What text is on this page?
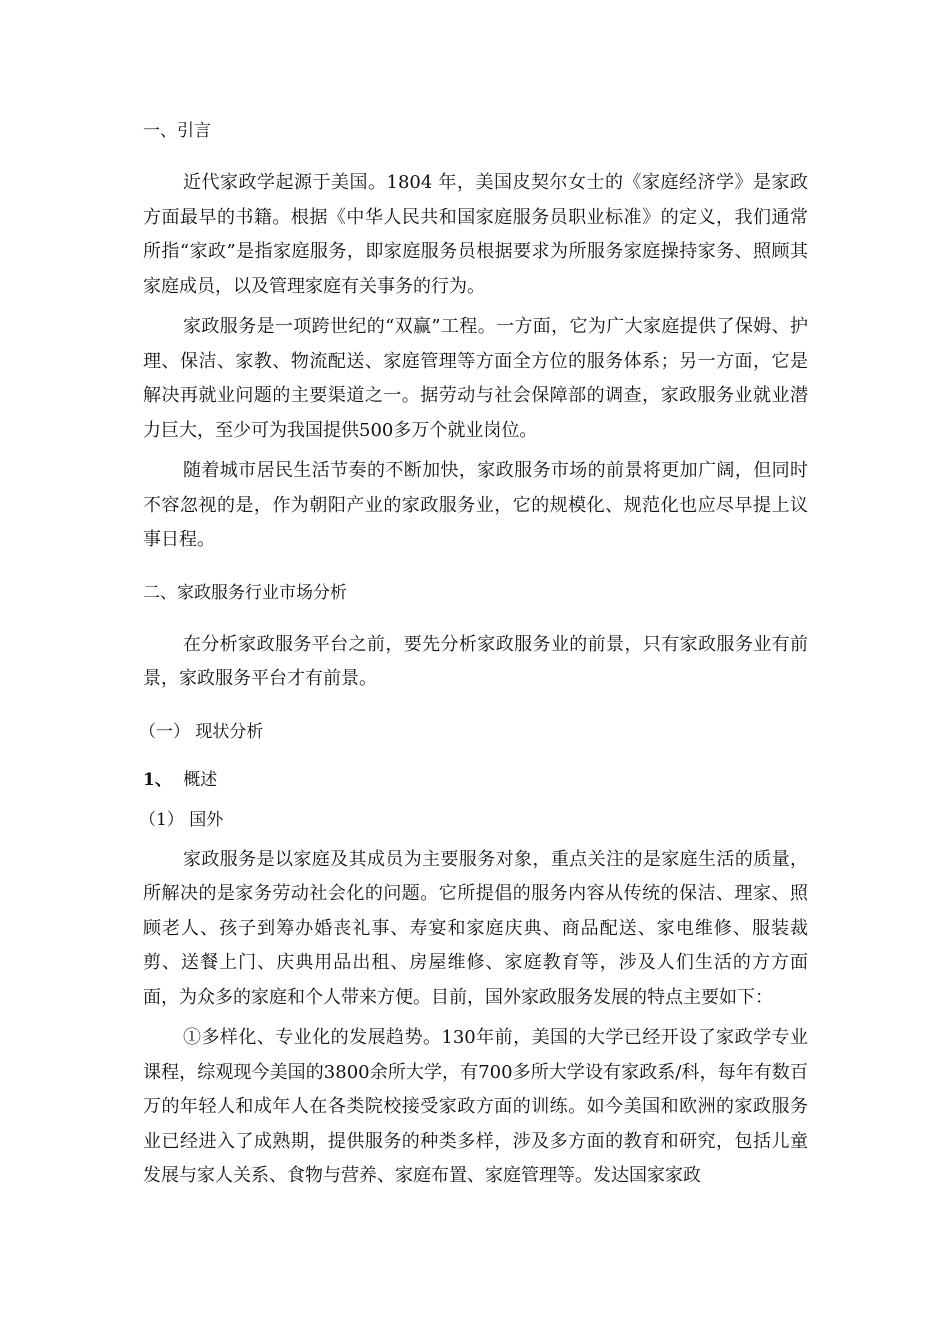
一、引言

近代家政学起源于美国。1804 年，美国皮契尔女士的《家庭经济学》是家政方面最早的书籍。根据《中华人民共和国家庭服务员职业标准》的定义，我们通常所指“家政”是指家庭服务，即家庭服务员根据要求为所服务家庭操持家务、照顾其家庭成员，以及管理家庭有关事务的行为。

家政服务是一项跨世纪的“双赢”工程。一方面，它为广大家庭提供了保姆、护理、保洁、家教、物流配送、家庭管理等方面全方位的服务体系；另一方面，它是解决再就业问题的主要渠道之一。据劳动与社会保障部的调查，家政服务业就业潜力巨大，至少可为我国提供500多万个就业岗位。

随着城市居民生活节奏的不断加快，家政服务市场的前景将更加广阔，但同时不容忽视的是，作为朝阳产业的家政服务业，它的规模化、规范化也应尽早提上议事日程。

二、家政服务行业市场分析

在分析家政服务平台之前，要先分析家政服务业的前景，只有家政服务业有前景，家政服务平台才有前景。

（一） 现状分析
1、 概述
（1） 国外

家政服务是以家庭及其成员为主要服务对象，重点关注的是家庭生活的质量，所解决的是家务劳动社会化的问题。它所提倡的服务内容从传统的保洁、理家、照顾老人、孩子到筹办婚丧礼事、寿宴和家庭庆典、商品配送、家电维修、服装裁剪、送餐上门、庆典用品出租、房屋维修、家庭教育等，涉及人们生活的方方面面，为众多的家庭和个人带来方便。目前，国外家政服务发展的特点主要如下：

①多样化、专业化的发展趋势。130年前，美国的大学已经开设了家政学专业课程，综观现今美国的3800余所大学，有700多所大学设有家政系/科，每年有数百万的年轻人和成年人在各类院校接受家政方面的训练。如今美国和欧洲的家政服务业已经进入了成熟期，提供服务的种类多样，涉及多方面的教育和研究，包括儿童发展与家人关系、食物与营养、家庭布置、家庭管理等。发达国家家政
